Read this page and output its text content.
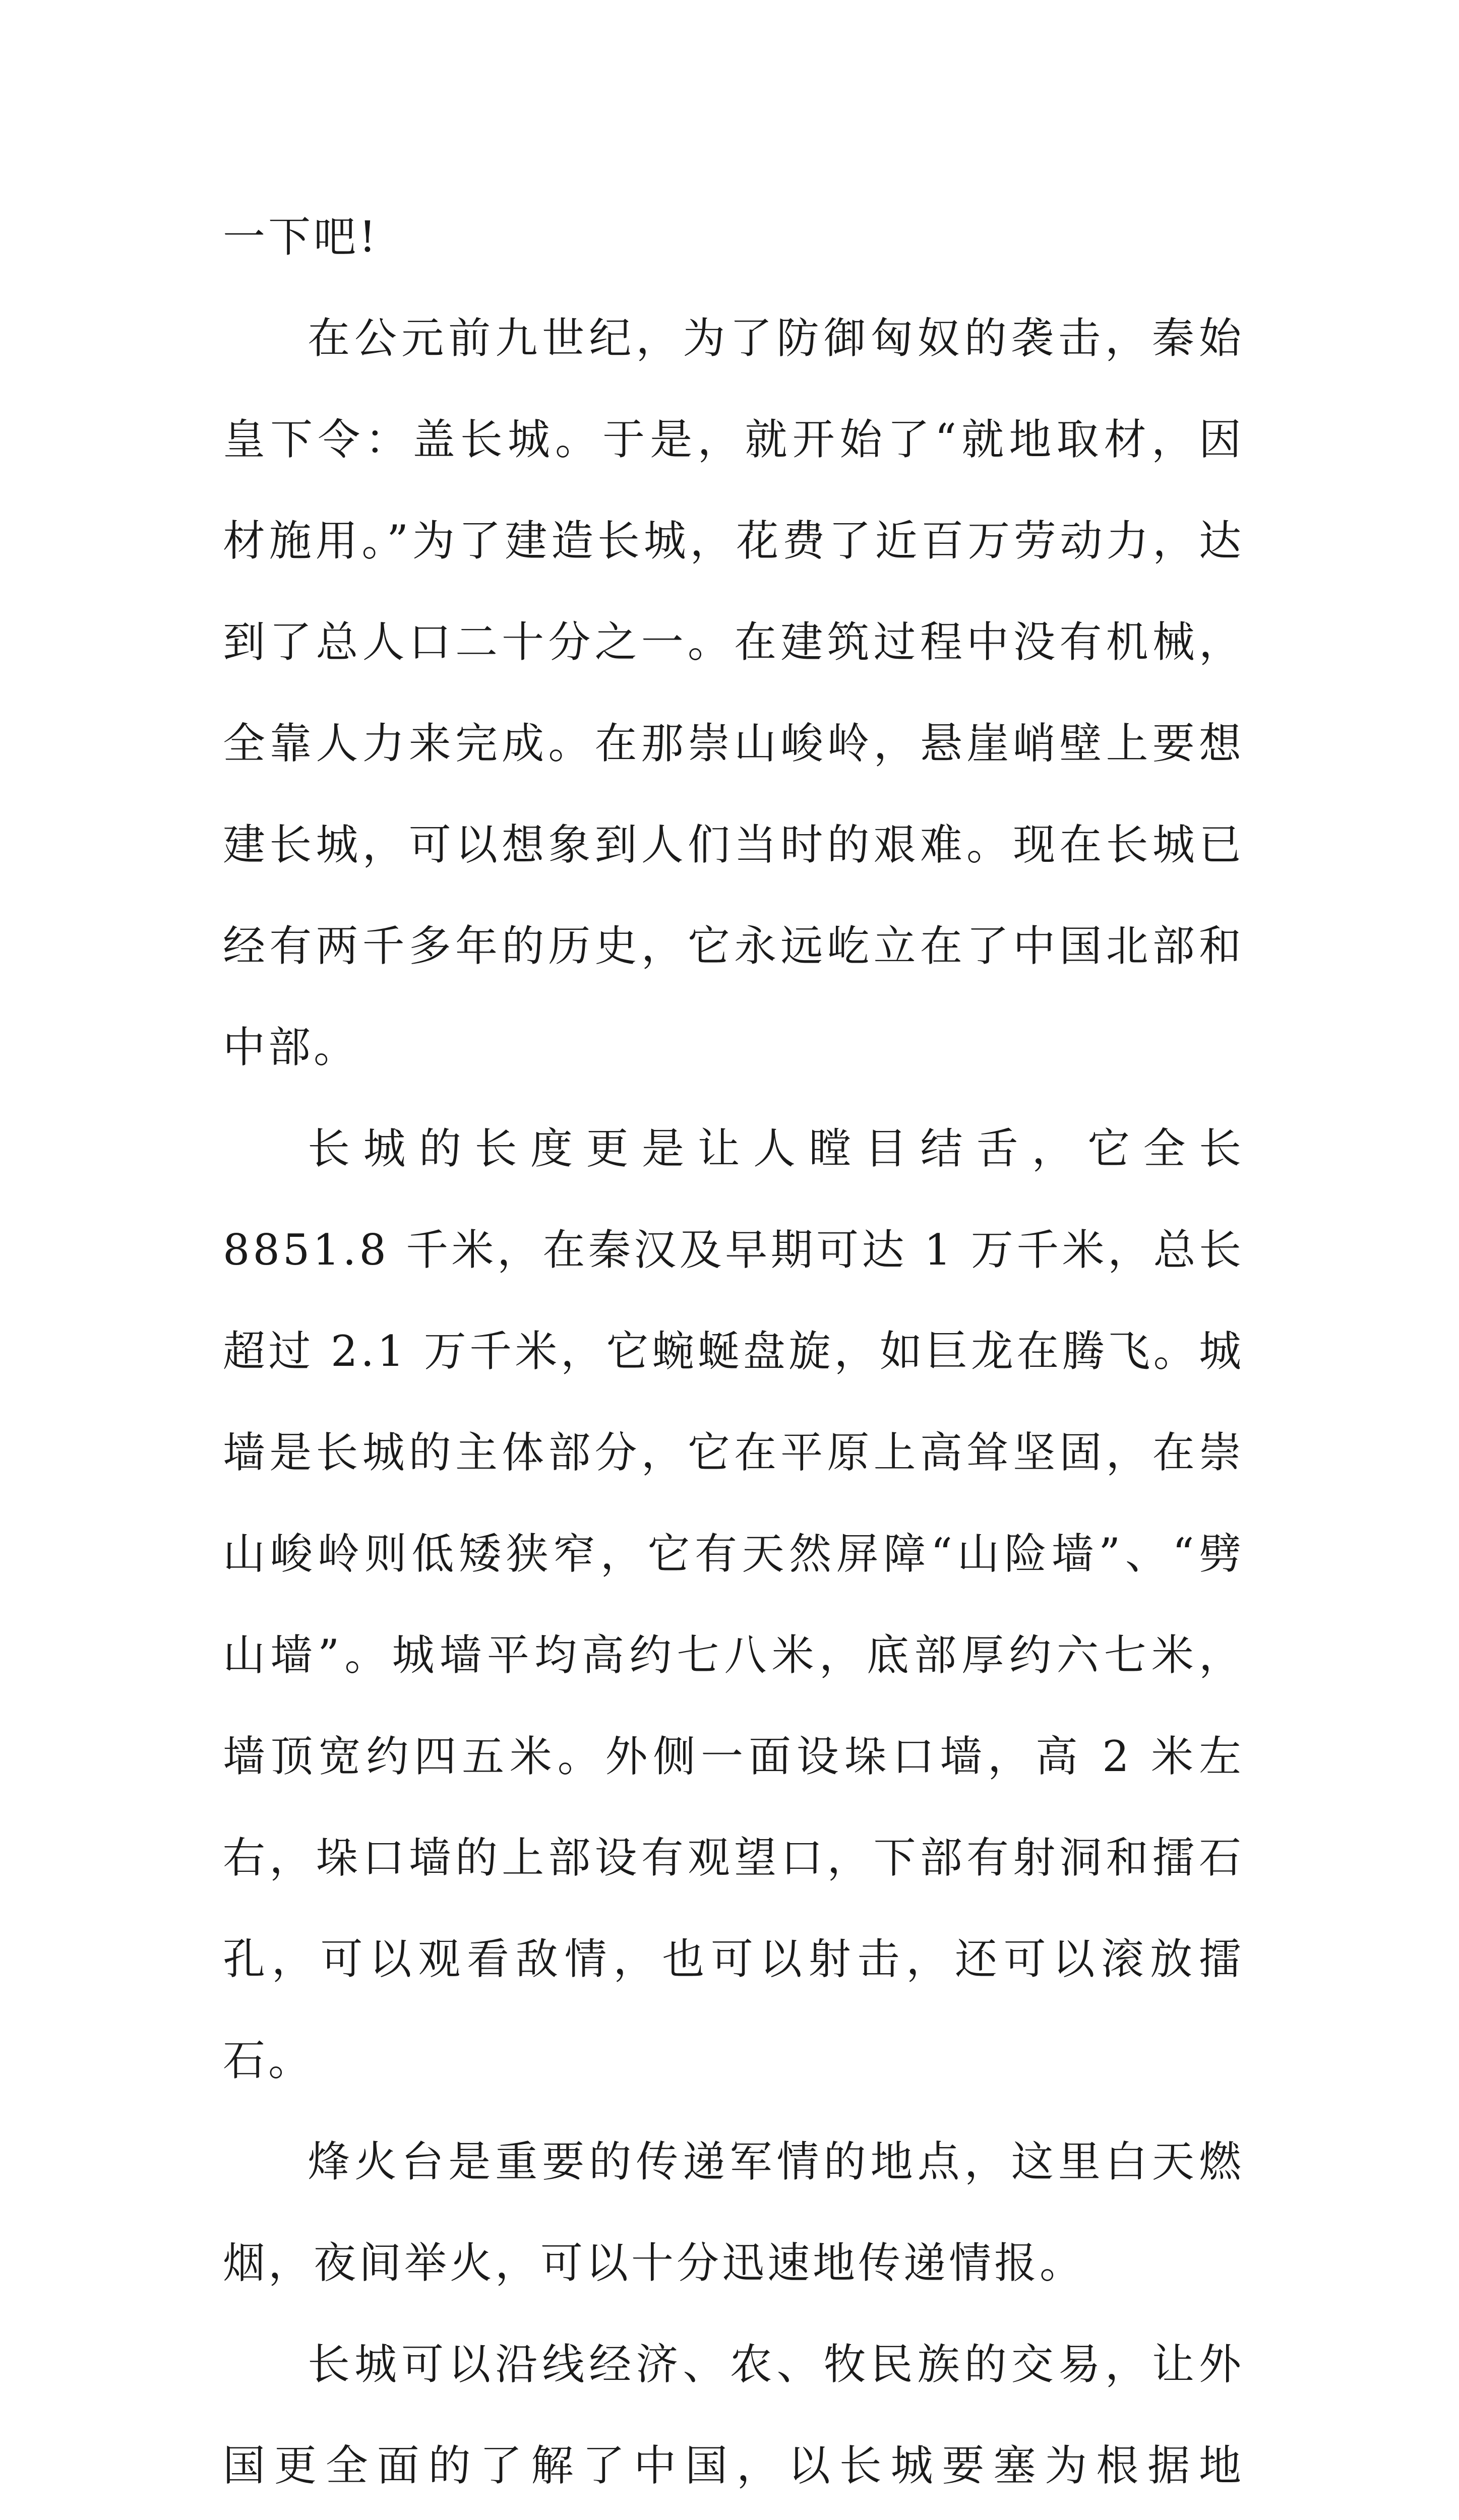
一下吧!

在公元前九世纪，为了防御匈奴的袭击，秦始皇下令：盖长城。于是，就开始了“就地取材，因材施用。”为了建造长城，花费了近百万劳动力，达到了总人口二十分之一。在建筑过程中没有机械，全靠人力来完成。在那崇山峻岭，悬崖峭壁上要想建长城，可以想象到人们当时的艰难。现在长城已经有两千多年的历史，它永远屹立在了中国北部和中部。

长城的长度更是让人瞠目结舌，它全长 8851.8 千米，在秦汉及早期可达 1 万千米，总长超过 2.1 万千米，它蜿蜒盘旋，如巨龙在腾飞。城墙是长城的主体部分，它在平原上高耸坚固，在崇山峻岭则低矮狭窄，它有天然屏障“山险墙”、“劈山墙”。城墙平均高约七八米，底部厚约六七米，墙顶宽约四五米。外侧一面设垛口墙，高 2 米左右，垛口墙的上部设有观望口，下部有射洞和擂石孔，可以观看敌情，也可以射击，还可以滚放擂石。

烽火台是重要的传递军情的地点，这里白天燃烟，夜间举火，可以十分迅速地传递情报。

长城可以沿线经济、农、牧民族的交易，让外国更全面的了解了中国，以长城要塞为根据地
